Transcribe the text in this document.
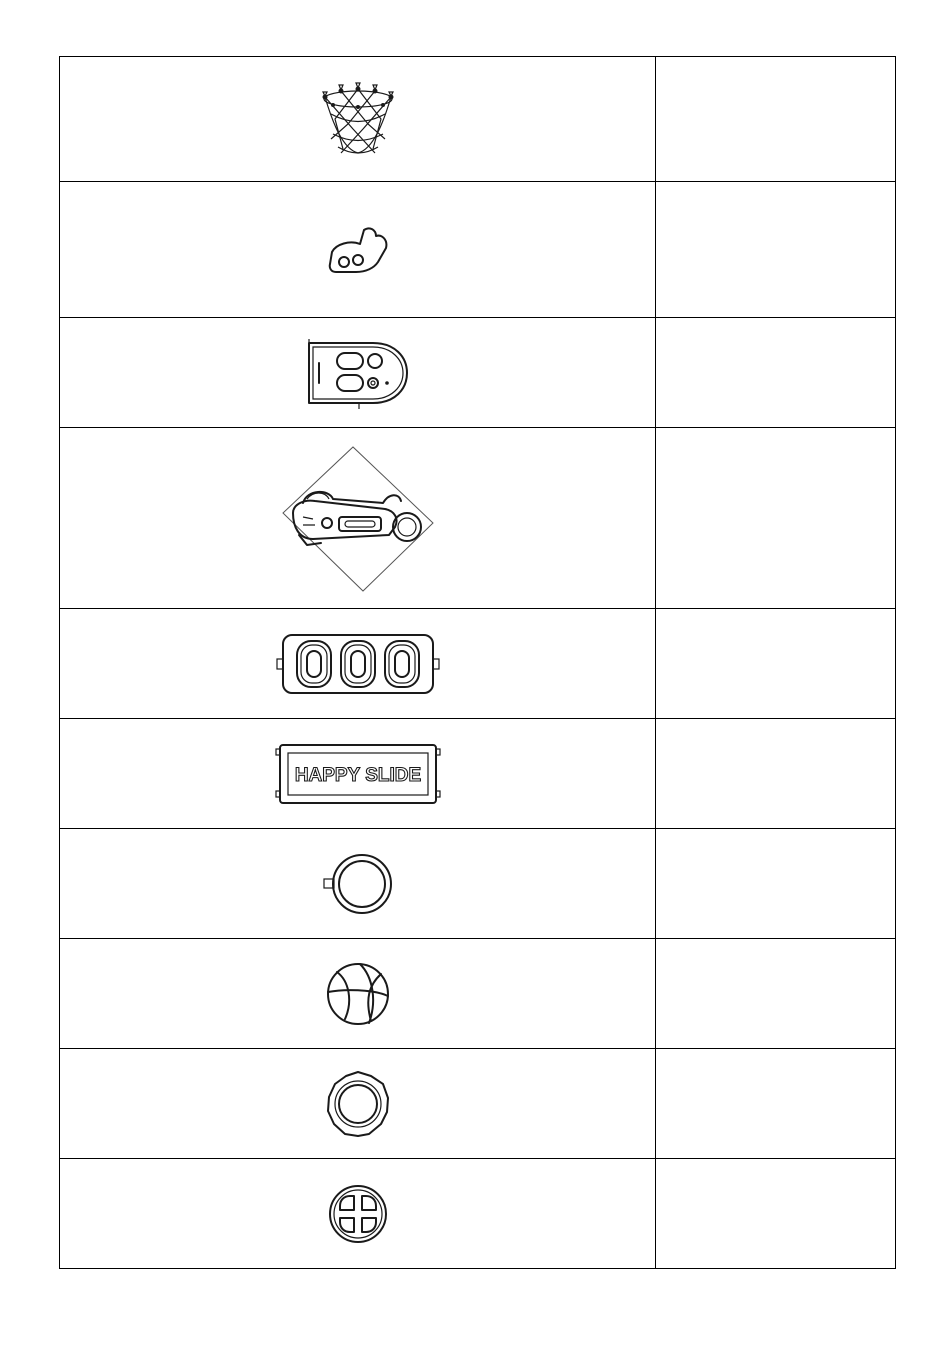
HAPPY SLIDE	
